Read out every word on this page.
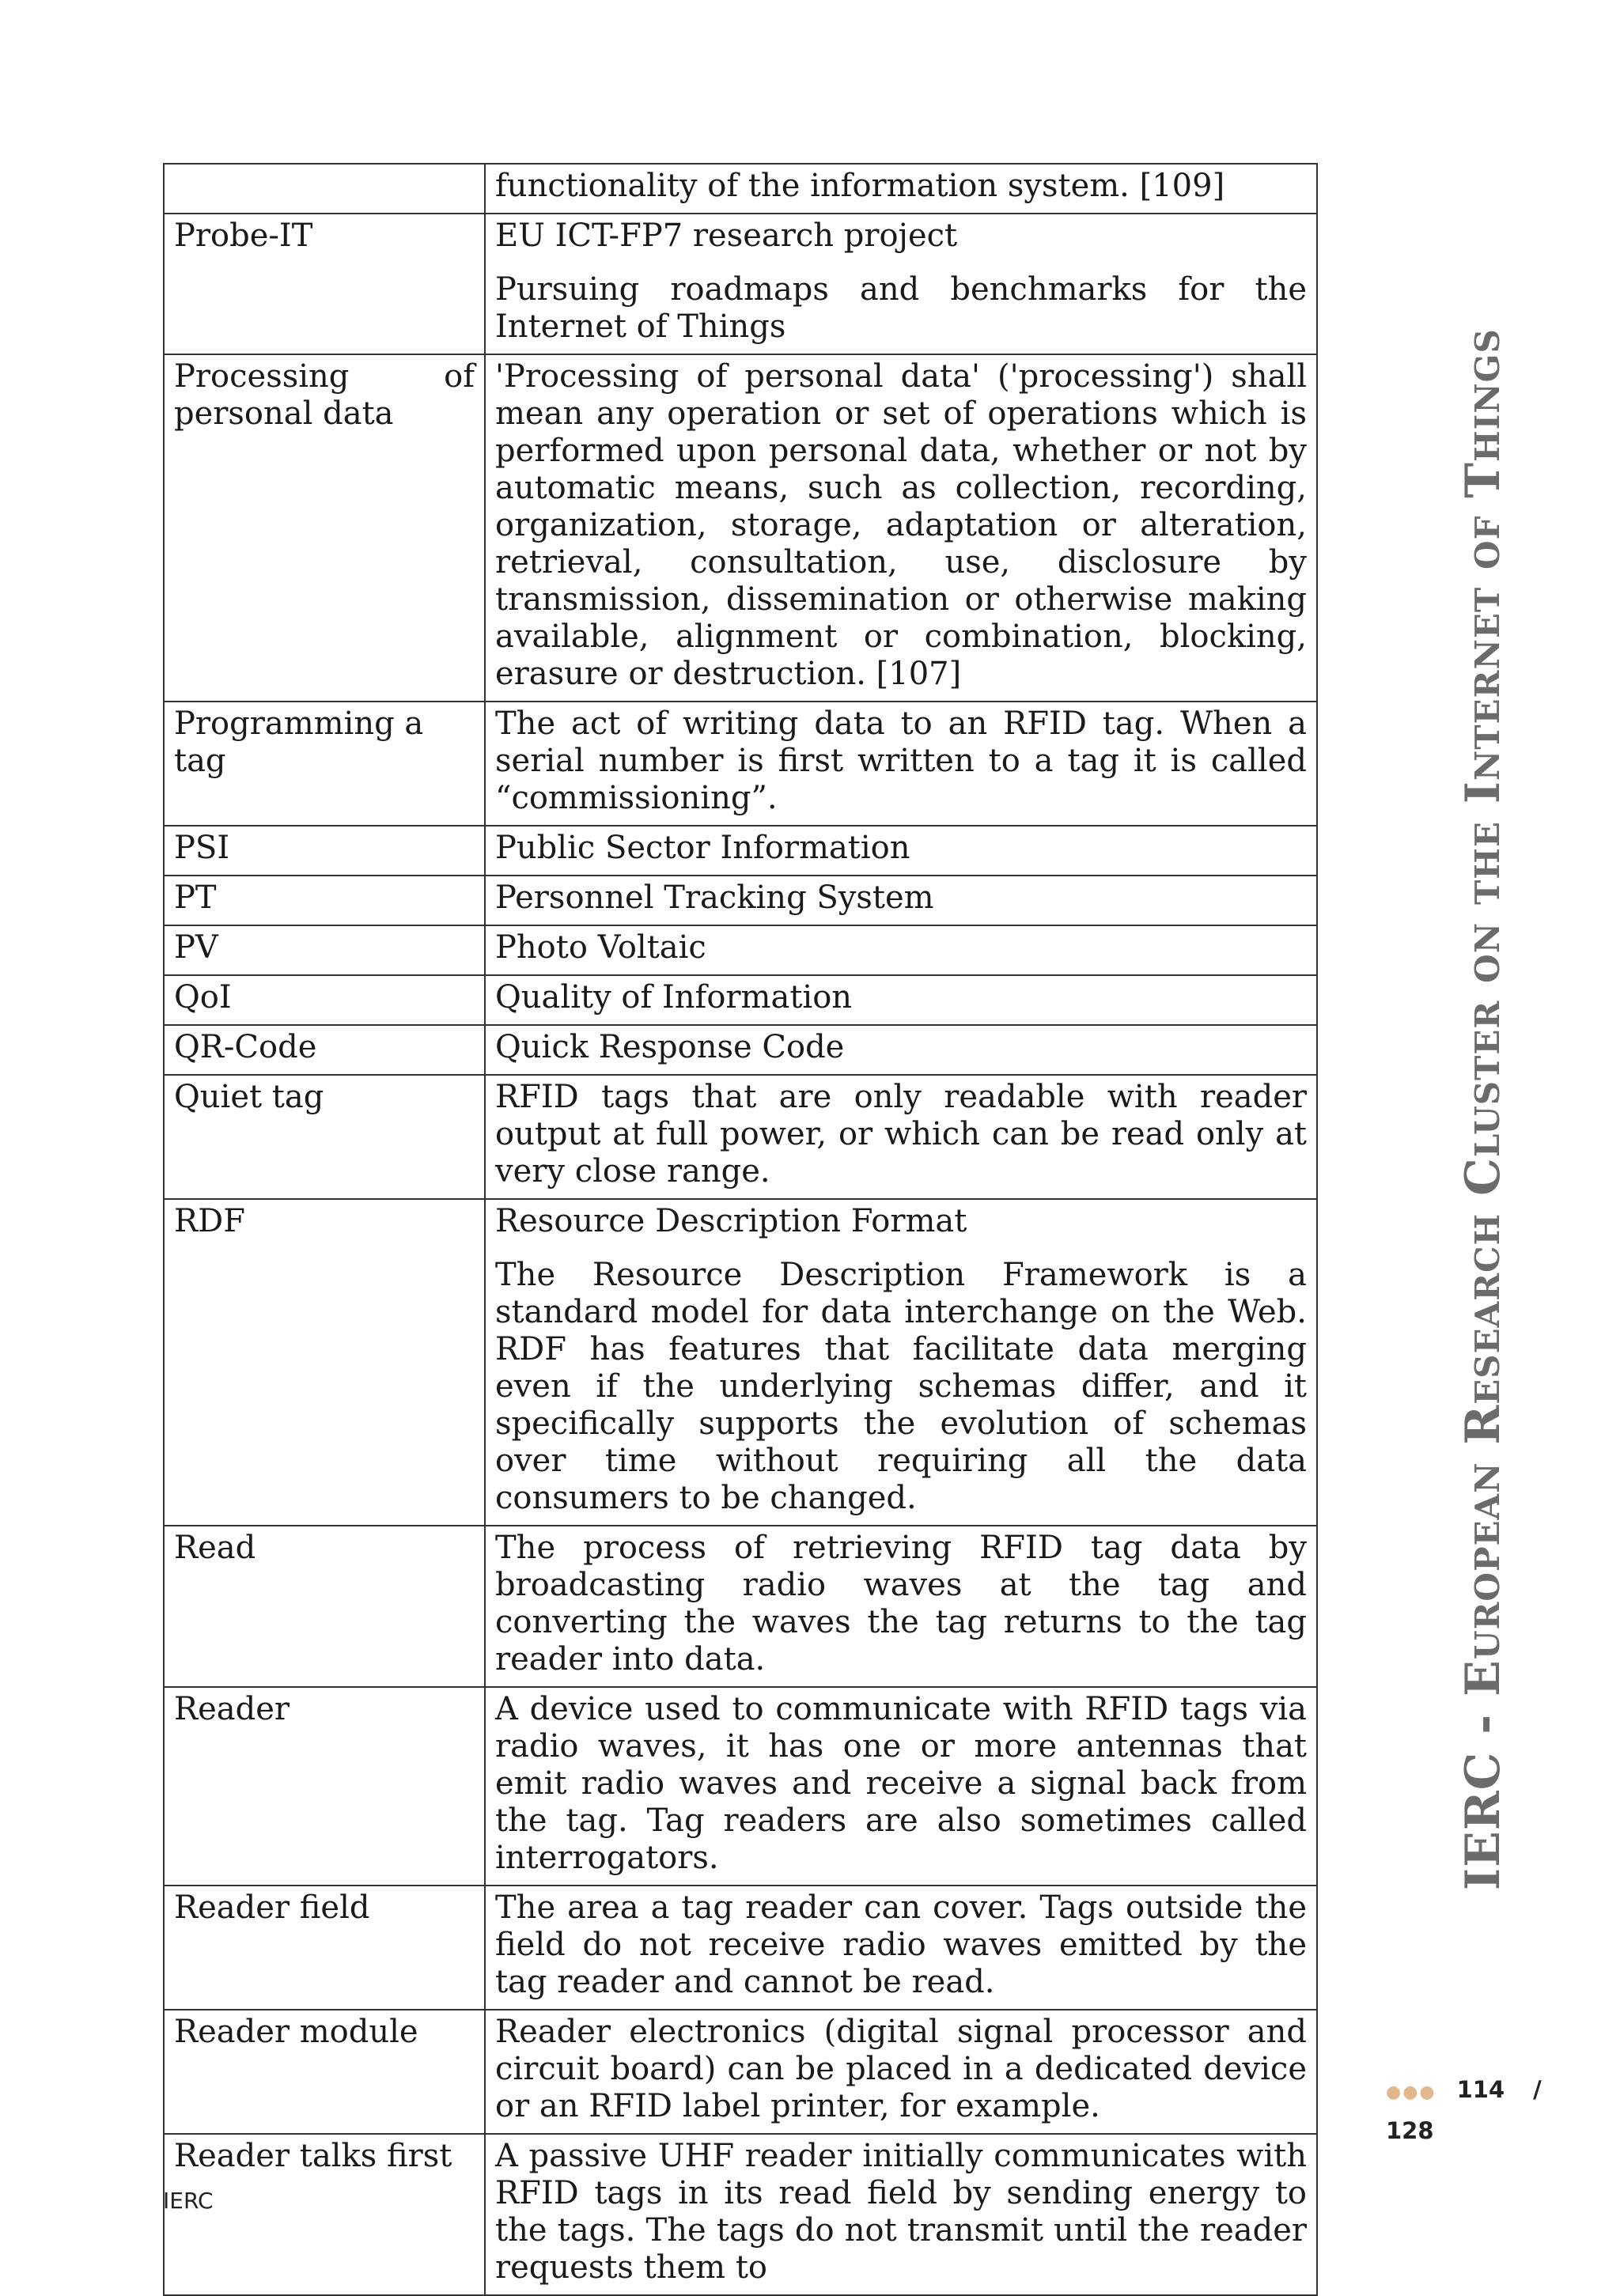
	functionality of the information system. [109]

Probe-IT	EU ICT-FP7 research project

Pursuing roadmaps and benchmarks for the Internet of Things

Processing of personal data	'Processing of personal data' ('processing') shall mean any operation or set of operations which is performed upon personal data, whether or not by automatic means, such as collection, recording, organization, storage, adaptation or alteration, retrieval, consultation, use, disclosure by transmission, dissemination or otherwise making available, alignment or combination, blocking, erasure or destruction. [107]

Programming a tag	The act of writing data to an RFID tag. When a serial number is first written to a tag it is called “commissioning”.

PSI	Public Sector Information

PT	Personnel Tracking System

PV	Photo Voltaic

QoI	Quality of Information

QR-Code	Quick Response Code

Quiet tag	RFID tags that are only readable with reader output at full power, or which can be read only at very close range.

RDF	Resource Description Format

The Resource Description Framework is a standard model for data interchange on the Web. RDF has features that facilitate data merging even if the underlying schemas differ, and it specifically supports the evolution of schemas over time without requiring all the data consumers to be changed.

Read	The process of retrieving RFID tag data by broadcasting radio waves at the tag and converting the waves the tag returns to the tag reader into data.

Reader	A device used to communicate with RFID tags via radio waves, it has one or more antennas that emit radio waves and receive a signal back from the tag. Tag readers are also sometimes called interrogators.

Reader field	The area a tag reader can cover. Tags outside the field do not receive radio waves emitted by the tag reader and cannot be read.

Reader module	Reader electronics (digital signal processor and circuit board) can be placed in a dedicated device or an RFID label printer, for example.

Reader talks first	A passive UHF reader initially communicates with RFID tags in its read field by sending energy to the tags. The tags do not transmit until the reader requests them to

IERC - European Research Cluster on the Internet of Things
●●● 114 /
128
IERC
